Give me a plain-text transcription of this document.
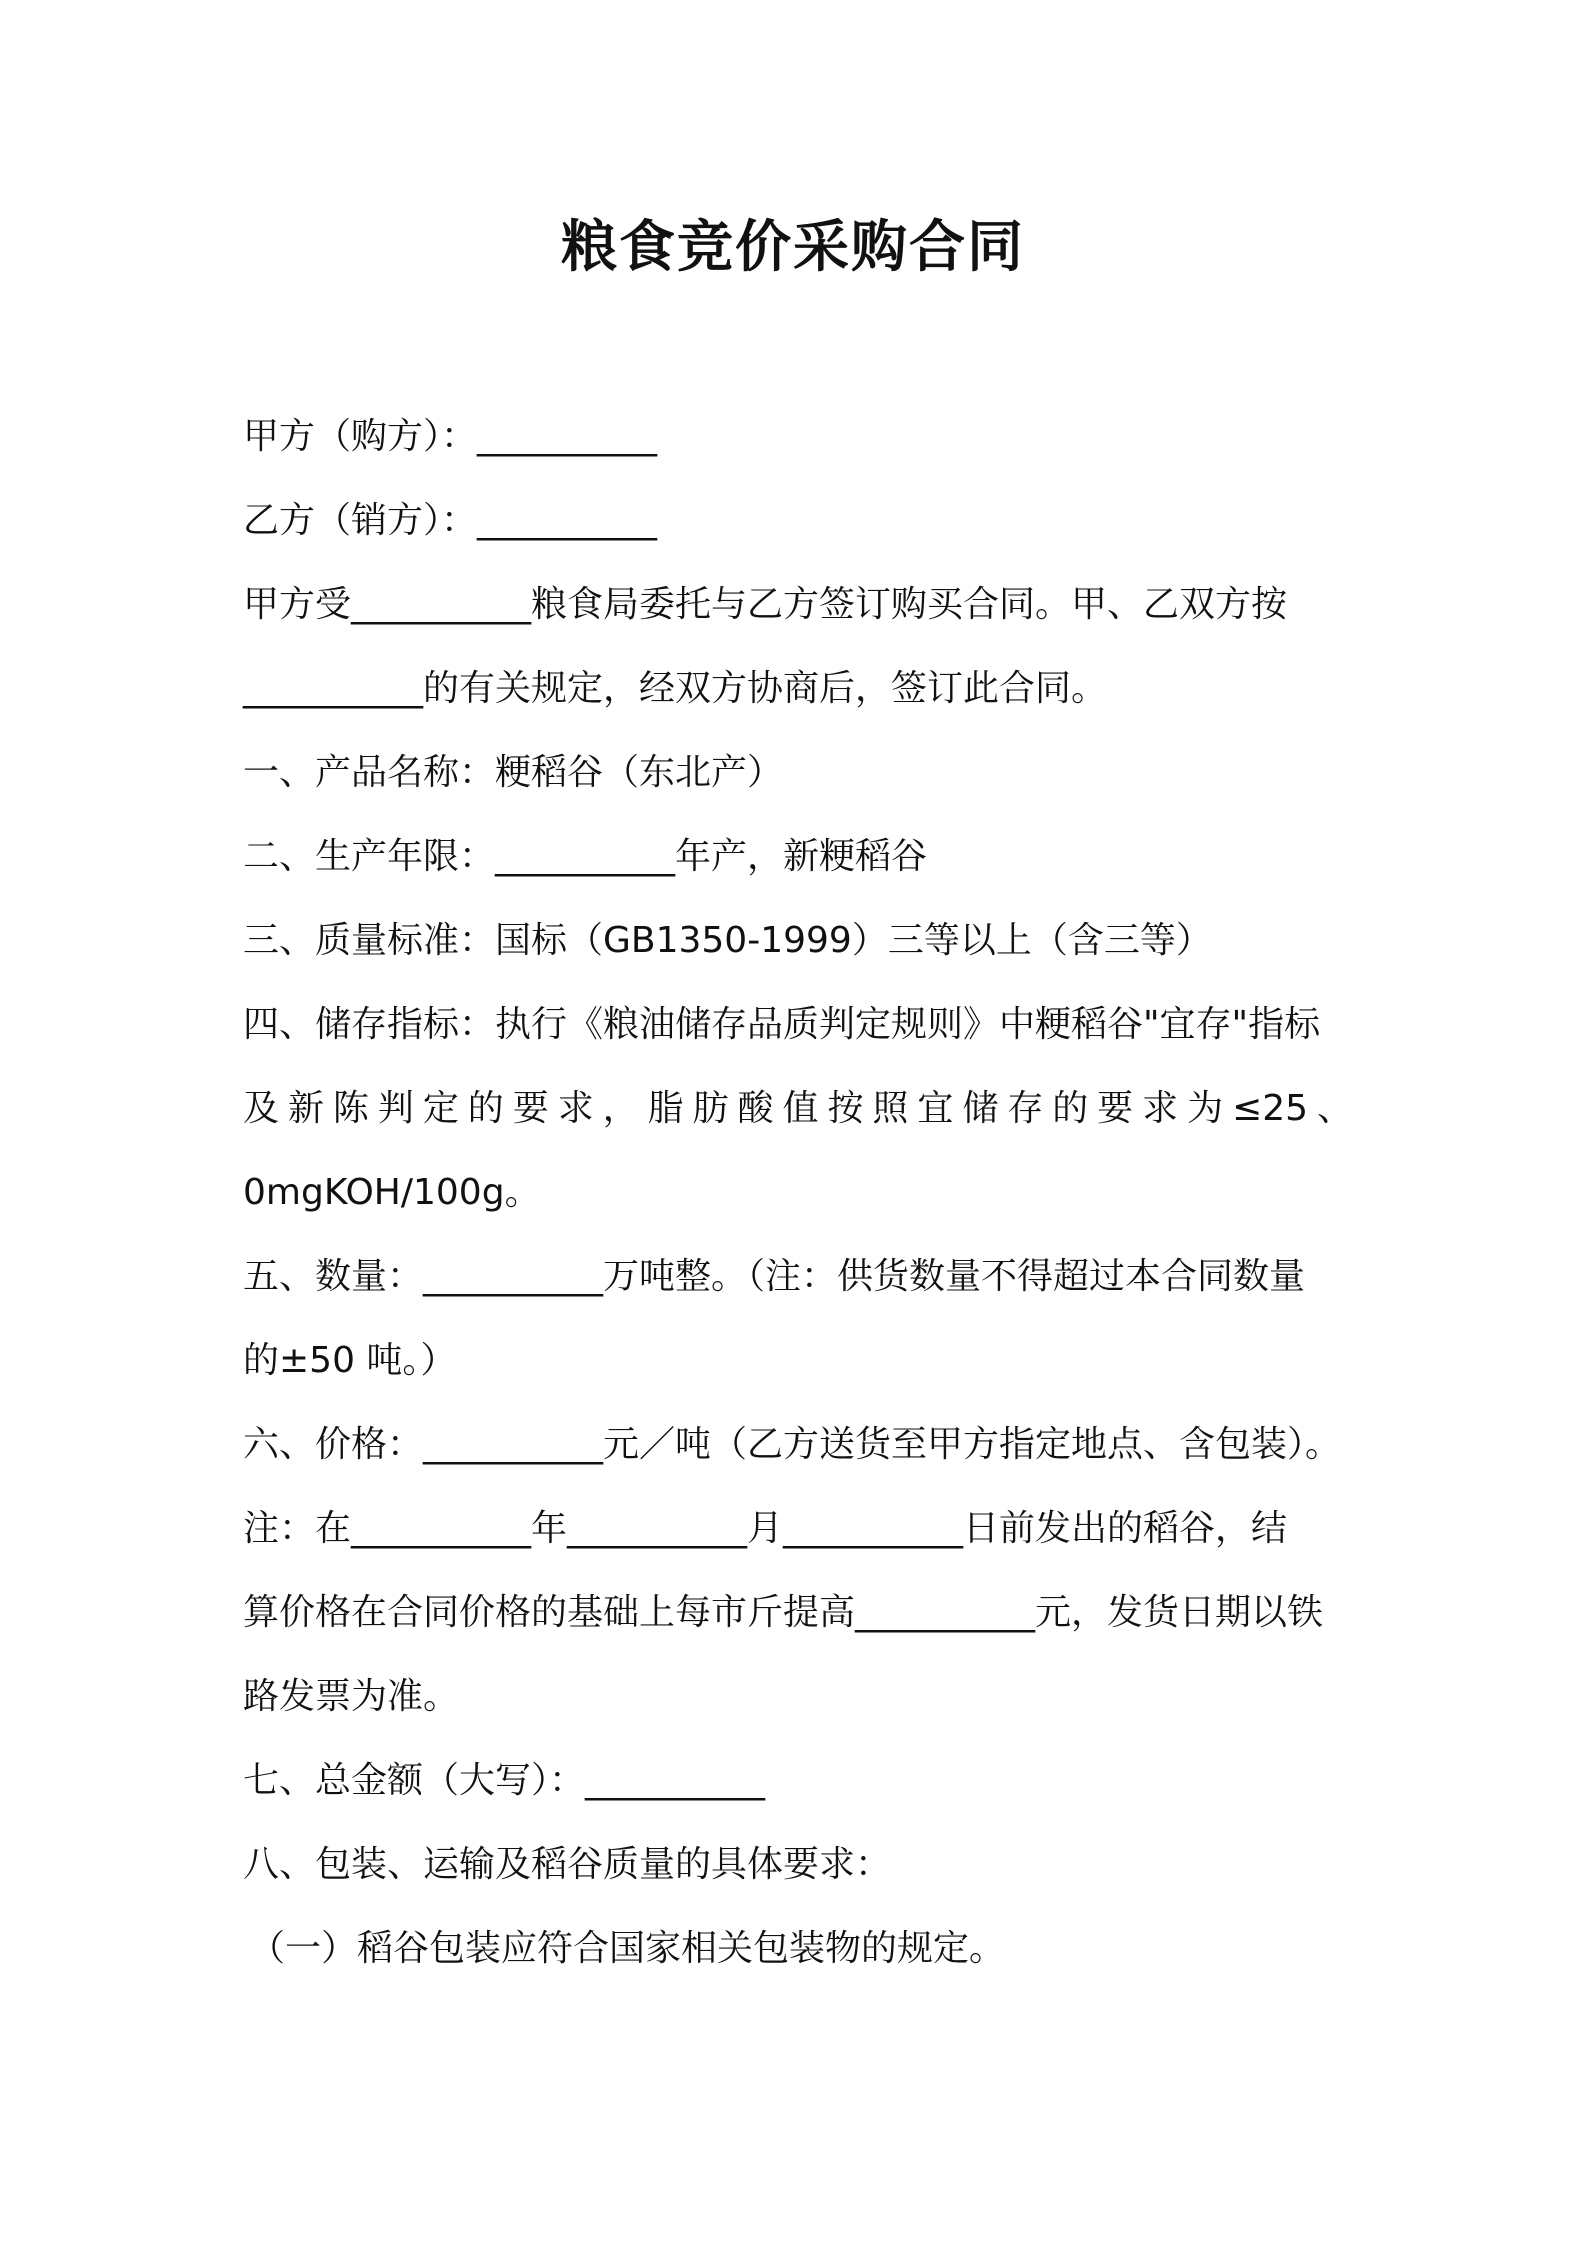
粮食竞价采购合同
甲方（购方）：__________
乙方（销方）：__________
甲方受__________粮食局委托与乙方签订购买合同。甲、乙双方按
__________的有关规定，经双方协商后，签订此合同。
一、产品名称：粳稻谷（东北产）
二、生产年限：__________年产，新粳稻谷
三、质量标准：国标（GB1350-1999）三等以上（含三等）
四、储存指标：执行《粮油储存品质判定规则》中粳稻谷"宜存"指标
及新陈判定的要求，脂肪酸值按照宜储存的要求为≤25、
0mgKOH/100g。
五、数量：__________万吨整。（注：供货数量不得超过本合同数量
的±50 吨。）
六、价格：__________元／吨（乙方送货至甲方指定地点、含包装）。
注：在__________年__________月__________日前发出的稻谷，结
算价格在合同价格的基础上每市斤提高__________元，发货日期以铁
路发票为准。
七、总金额（大写）：__________
八、包装、运输及稻谷质量的具体要求：
（一）稻谷包装应符合国家相关包装物的规定。
